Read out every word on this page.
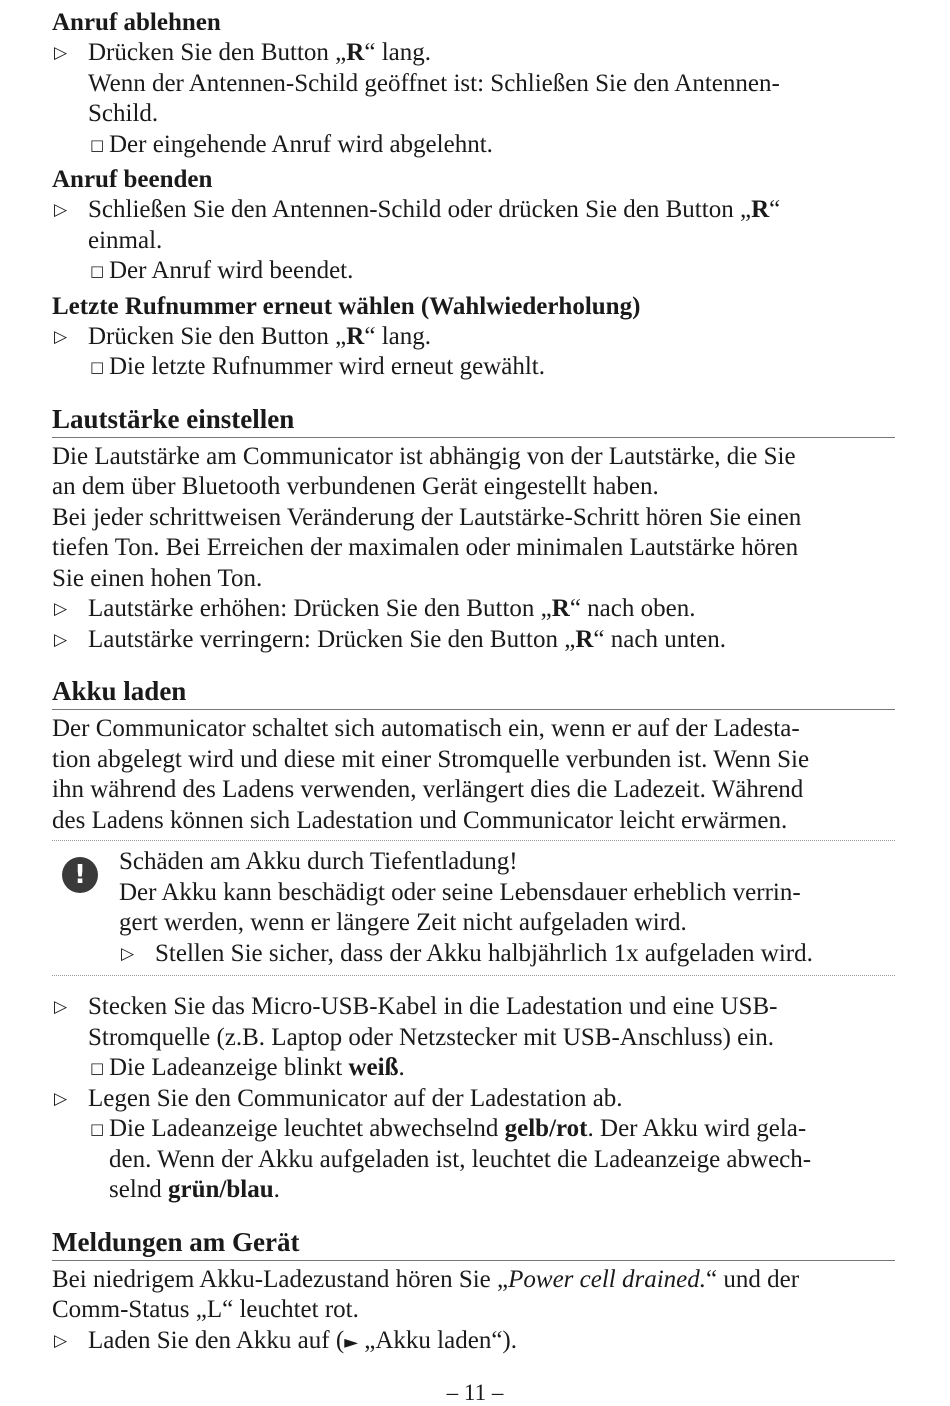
Anruf ablehnen
▷ Drücken Sie den Button „R“ lang.
Wenn der Antennen-Schild geöffnet ist: Schließen Sie den Antennen-
Schild.
□ Der eingehende Anruf wird abgelehnt.
Anruf beenden
▷ Schließen Sie den Antennen-Schild oder drücken Sie den Button „R“
einmal.
□ Der Anruf wird beendet.
Letzte Rufnummer erneut wählen (Wahlwiederholung)
▷ Drücken Sie den Button „R“ lang.
□ Die letzte Rufnummer wird erneut gewählt.
Lautstärke einstellen
Die Lautstärke am Communicator ist abhängig von der Lautstärke, die Sie
an dem über Bluetooth verbundenen Gerät eingestellt haben.
Bei jeder schrittweisen Veränderung der Lautstärke-Schritt hören Sie einen
tiefen Ton. Bei Erreichen der maximalen oder minimalen Lautstärke hören
Sie einen hohen Ton.
▷ Lautstärke erhöhen: Drücken Sie den Button „R“ nach oben.
▷ Lautstärke verringern: Drücken Sie den Button „R“ nach unten.
Akku laden
Der Communicator schaltet sich automatisch ein, wenn er auf der Ladesta-
tion abgelegt wird und diese mit einer Stromquelle verbunden ist. Wenn Sie
ihn während des Ladens verwenden, verlängert dies die Ladezeit. Während
des Ladens können sich Ladestation und Communicator leicht erwärmen.
!	Schäden am Akku durch Tiefentladung!
Der Akku kann beschädigt oder seine Lebensdauer erheblich verrin-
gert werden, wenn er längere Zeit nicht aufgeladen wird.
▷ Stellen Sie sicher, dass der Akku halbjährlich 1x aufgeladen wird.
▷ Stecken Sie das Micro-USB-Kabel in die Ladestation und eine USB-
Stromquelle (z.B. Laptop oder Netzstecker mit USB-Anschluss) ein.
□ Die Ladeanzeige blinkt weiß.
▷ Legen Sie den Communicator auf der Ladestation ab.
□ Die Ladeanzeige leuchtet abwechselnd gelb/rot. Der Akku wird gela-
den. Wenn der Akku aufgeladen ist, leuchtet die Ladeanzeige abwech-
selnd grün/blau.
Meldungen am Gerät
Bei niedrigem Akku-Ladezustand hören Sie „Power cell drained.“ und der
Comm-Status „L“ leuchtet rot.
▷ Laden Sie den Akku auf (► „Akku laden“).
– 11 –
